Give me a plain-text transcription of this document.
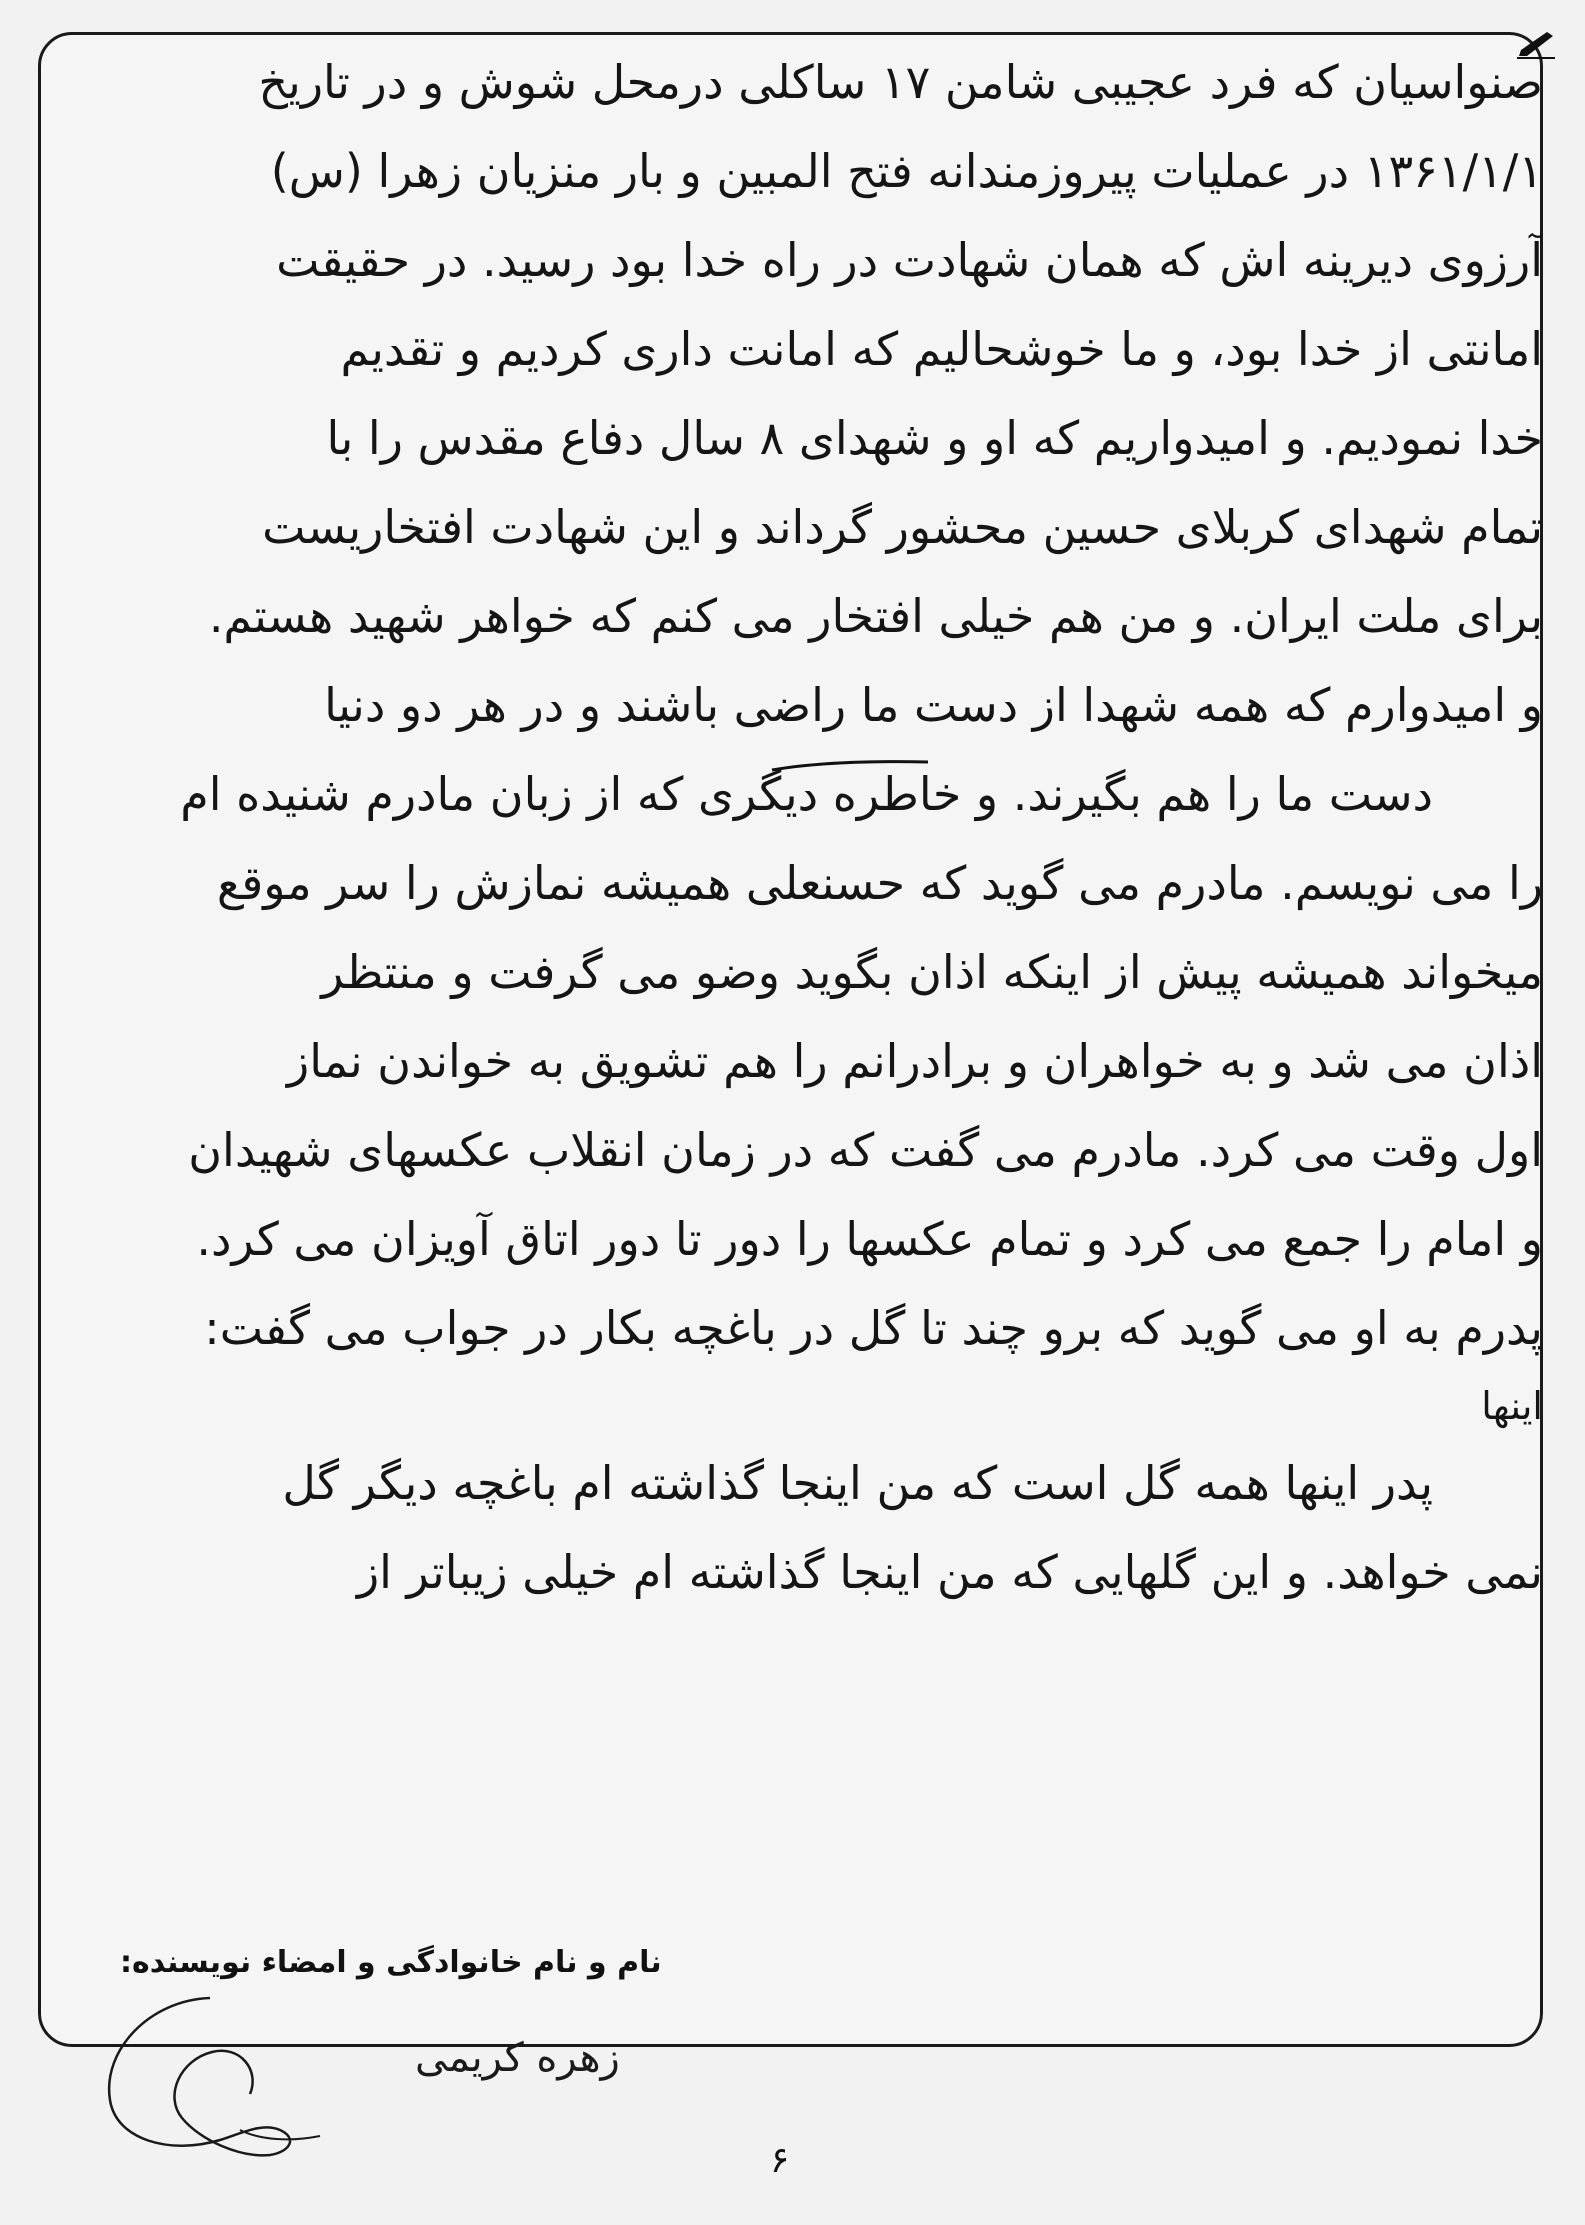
صنواسیان که فرد عجیبی شامن ۱۷ ساکلی درمحل شوش و در تاریخ
۱۳۶۱/۱/۱ در عملیات پیروزمندانه فتح المبین و بار منزیان زهرا (س)
آرزوی دیرینه اش که همان شهادت در راه خدا بود رسید. در حقیقت
امانتی از خدا بود، و ما خوشحالیم که امانت داری کردیم و تقدیم
خدا نمودیم. و امیدواریم که او و شهدای ۸ سال دفاع مقدس را با
تمام شهدای کربلای حسین محشور گرداند و این شهادت افتخاریست
برای ملت ایران. و من هم خیلی افتخار می کنم که خواهر شهید هستم.
و امیدوارم که همه شهدا از دست ما راضی باشند و در هر دو دنیا
دست ما را هم بگیرند. و خاطره دیگری که از زبان مادرم شنیده ام
را می نویسم. مادرم می گوید که حسنعلی همیشه نمازش را سر موقع
میخواند همیشه پیش از اینکه اذان بگوید وضو می گرفت و منتظر
اذان می شد و به خواهران و برادرانم را هم تشویق به خواندن نماز
اول وقت می کرد. مادرم می گفت که در زمان انقلاب عکسهای شهیدان
و امام را جمع می کرد و تمام عکسها را دور تا دور اتاق آویزان می کرد.
پدرم به او می گوید که برو چند تا گل در باغچه بکار در جواب می گفت:
اینها
پدر اینها همه گل است که من اینجا گذاشته ام باغچه دیگر گل
نمی خواهد. و این گلهایی که من اینجا گذاشته ام خیلی زیباتر از
نام و نام خانوادگی و امضاء نویسنده:
زهره کریمی
۶
